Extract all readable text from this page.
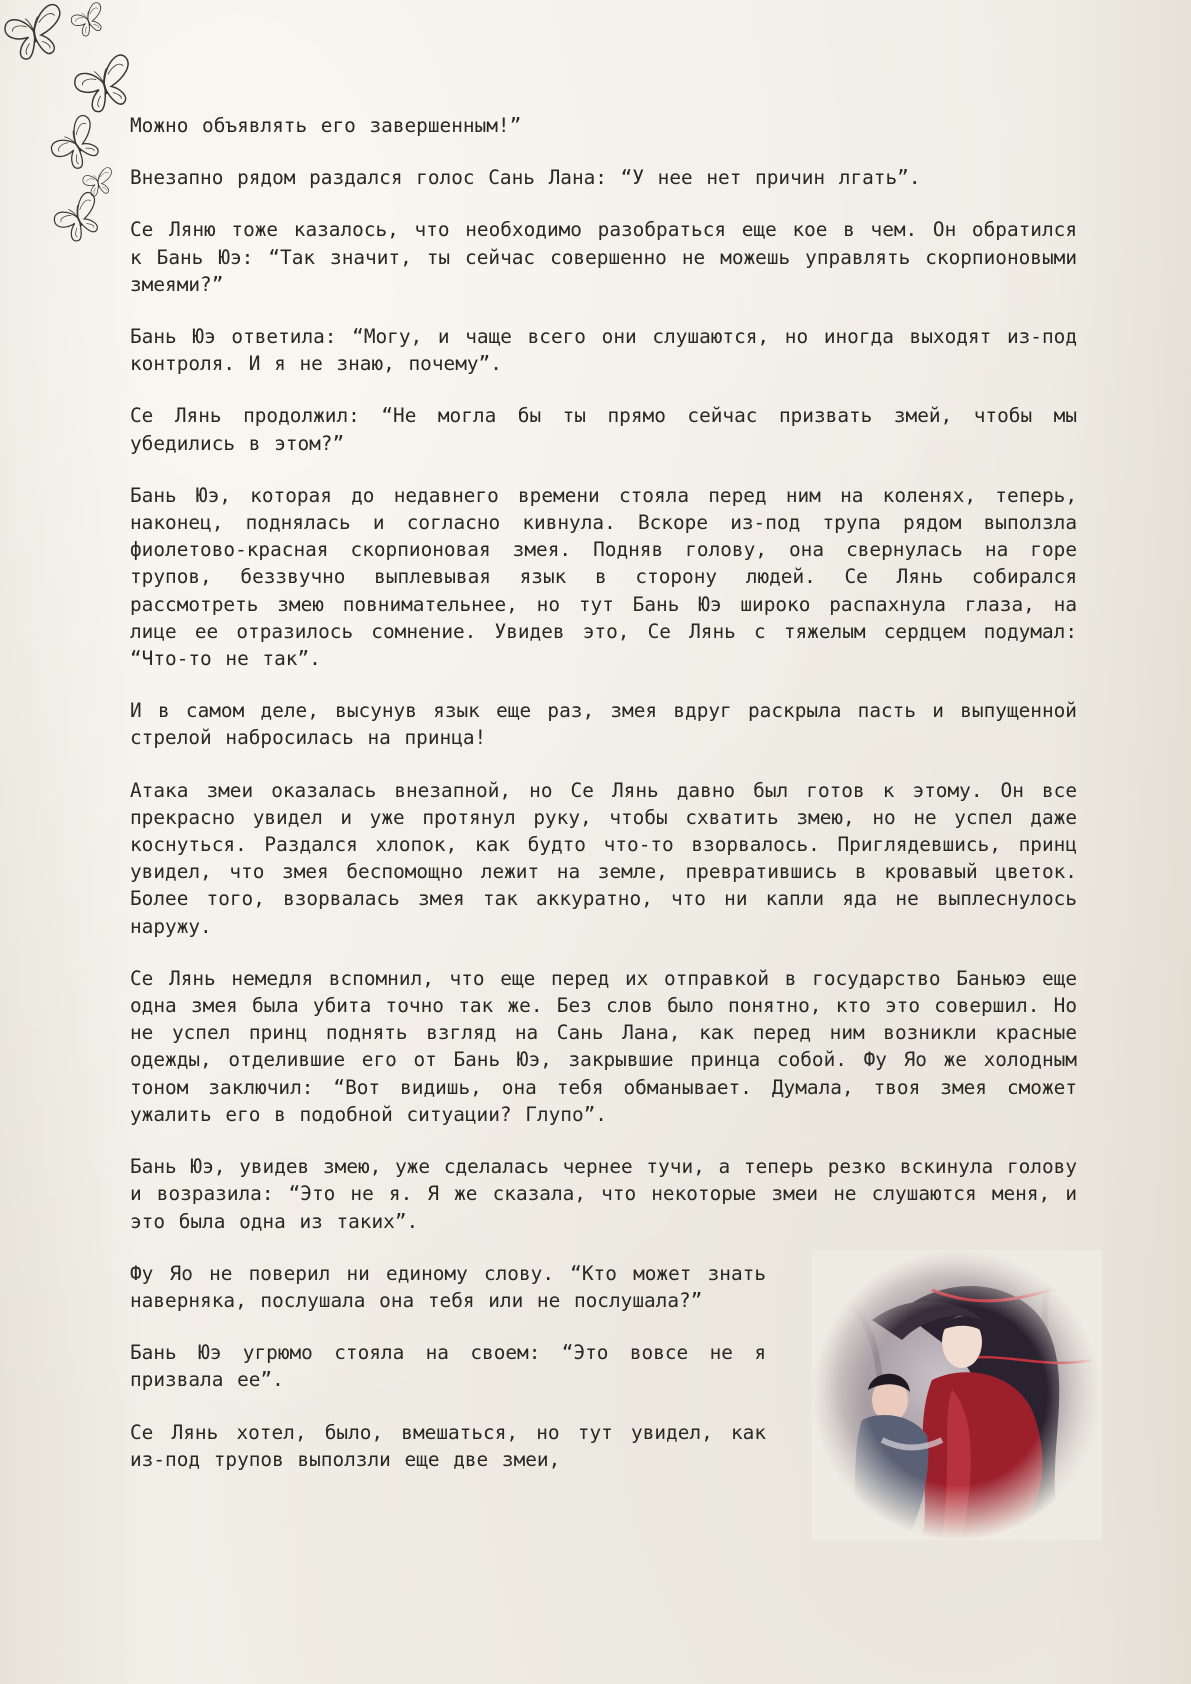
Можно объявлять его завершенным!”

Внезапно рядом раздался голос Сань Лана: “У нее нет причин лгать”.

Се Ляню тоже казалось, что необходимо разобраться еще кое в чем. Он обратился к Бань Юэ: “Так значит, ты сейчас совершенно не можешь управлять скорпионовыми змеями?”

Бань Юэ ответила: “Могу, и чаще всего они слушаются, но иногда выходят из-под контроля. И я не знаю, почему”.

Се Лянь продолжил: “Не могла бы ты прямо сейчас призвать змей, чтобы мы убедились в этом?”

Бань Юэ, которая до недавнего времени стояла перед ним на коленях, теперь, наконец, поднялась и согласно кивнула. Вскоре из-под трупа рядом выползла фиолетово-красная скорпионовая змея. Подняв голову, она свернулась на горе трупов, беззвучно выплевывая язык в сторону людей. Се Лянь собирался рассмотреть змею повнимательнее, но тут Бань Юэ широко распахнула глаза, на лице ее отразилось сомнение. Увидев это, Се Лянь с тяжелым сердцем подумал: “Что-то не так”.

И в самом деле, высунув язык еще раз, змея вдруг раскрыла пасть и выпущенной стрелой набросилась на принца!

Атака змеи оказалась внезапной, но Се Лянь давно был готов к этому. Он все прекрасно увидел и уже протянул руку, чтобы схватить змею, но не успел даже коснуться. Раздался хлопок, как будто что-то взорвалось. Приглядевшись, принц увидел, что змея беспомощно лежит на земле, превратившись в кровавый цветок. Более того, взорвалась змея так аккуратно, что ни капли яда не выплеснулось наружу.

Се Лянь немедля вспомнил, что еще перед их отправкой в государство Баньюэ еще одна змея была убита точно так же. Без слов было понятно, кто это совершил. Но не успел принц поднять взгляд на Сань Лана, как перед ним возникли красные одежды, отделившие его от Бань Юэ, закрывшие принца собой. Фу Яо же холодным тоном заключил: “Вот видишь, она тебя обманывает. Думала, твоя змея сможет ужалить его в подобной ситуации? Глупо”.

Бань Юэ, увидев змею, уже сделалась чернее тучи, а теперь резко вскинула голову и возразила: “Это не я. Я же сказала, что некоторые змеи не слушаются меня, и это была одна из таких”.

Фу Яо не поверил ни единому слову. “Кто может знать наверняка, послушала она тебя или не послушала?”

Бань Юэ угрюмо стояла на своем: “Это вовсе не я призвала ее”.

Се Лянь хотел, было, вмешаться, но тут увидел, как из-под трупов выползли еще две змеи,
